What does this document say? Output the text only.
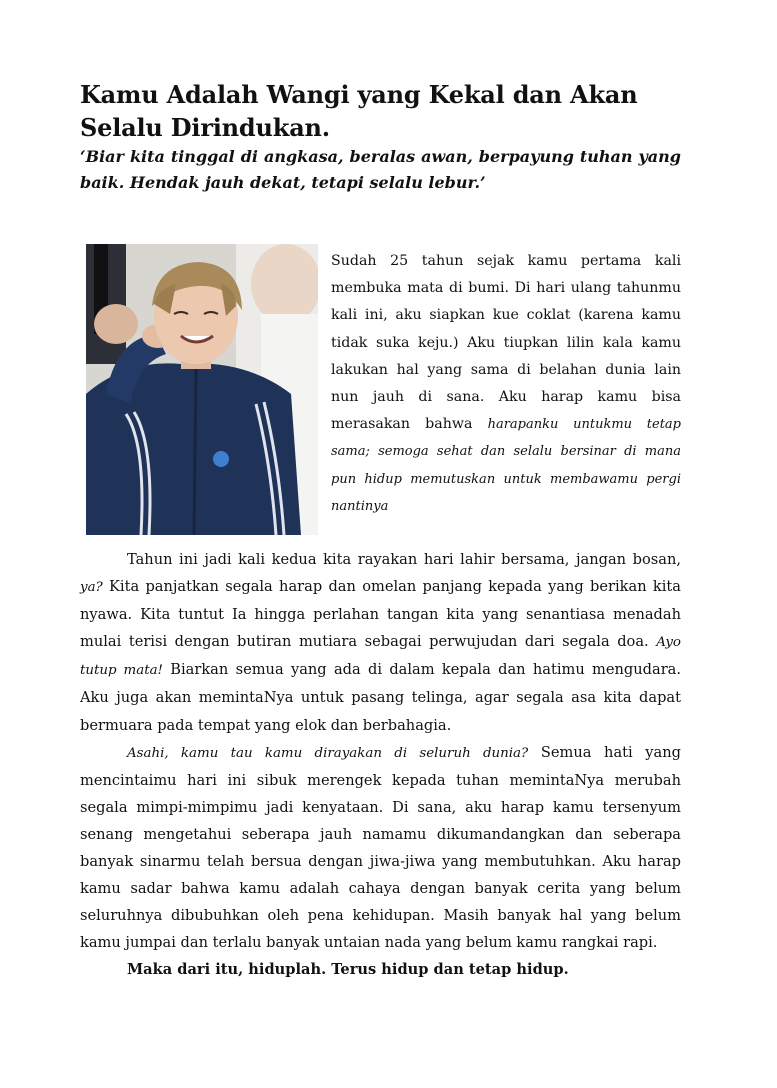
Kamu Adalah Wangi yang Kekal dan Akan Selalu Dirindukan.

‘Biar kita tinggal di angkasa, beralas awan, berpayung tuhan yang baik. Hendak jauh dekat, tetapi selalu lebur.’

Sudah 25 tahun sejak kamu pertama kali membuka mata di bumi. Di hari ulang tahunmu kali ini, aku siapkan kue coklat (karena kamu tidak suka keju.) Aku tiupkan lilin kala kamu lakukan hal yang sama di belahan dunia lain nun jauh di sana. Aku harap kamu bisa merasakan bahwa harapanku untukmu tetap sama; semoga sehat dan selalu bersinar di mana pun hidup memutuskan untuk membawamu pergi nantinya

Tahun ini jadi kali kedua kita rayakan hari lahir bersama, jangan bosan, ya? Kita panjatkan segala harap dan omelan panjang kepada yang berikan kita nyawa. Kita tuntut Ia hingga perlahan tangan kita yang senantiasa menadah mulai terisi dengan butiran mutiara sebagai perwujudan dari segala doa. Ayo tutup mata! Biarkan semua yang ada di dalam kepala dan hatimu mengudara. Aku juga akan memintaNya untuk pasang telinga, agar segala asa kita dapat bermuara pada tempat yang elok dan berbahagia.

Asahi, kamu tau kamu dirayakan di seluruh dunia? Semua hati yang mencintaimu hari ini sibuk merengek kepada tuhan memintaNya merubah segala mimpi-mimpimu jadi kenyataan. Di sana, aku harap kamu tersenyum senang mengetahui seberapa jauh namamu dikumandangkan dan seberapa banyak sinarmu telah bersua dengan jiwa-jiwa yang membutuhkan. Aku harap kamu sadar bahwa kamu adalah cahaya dengan banyak cerita yang belum seluruhnya dibubuhkan oleh pena kehidupan. Masih banyak hal yang belum kamu jumpai dan terlalu banyak untaian nada yang belum kamu rangkai rapi.

Maka dari itu, hiduplah. Terus hidup dan tetap hidup.
